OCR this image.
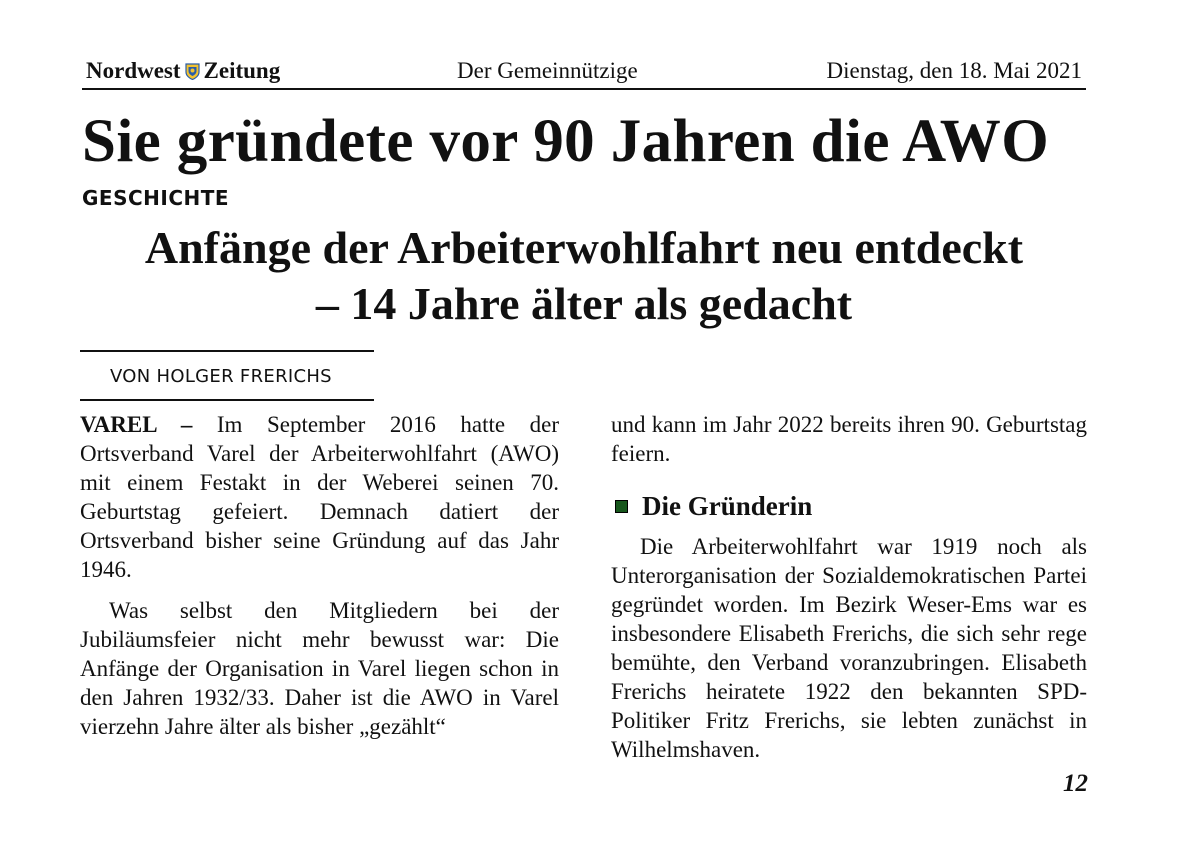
Nordwest Zeitung	Der Gemeinnützige	Dienstag, den 18. Mai 2021
Sie gründete vor 90 Jahren die AWO
GESCHICHTE
Anfänge der Arbeiterwohlfahrt neu entdeckt
– 14 Jahre älter als gedacht
VON HOLGER FRERICHS

VAREL – Im September 2016 hatte der Ortsverband Varel der Arbeiterwohlfahrt (AWO) mit einem Festakt in der Weberei seinen 70. Geburtstag gefeiert. Demnach datiert der Ortsverband bisher seine Gründung auf das Jahr 1946.

Was selbst den Mitgliedern bei der Jubiläumsfeier nicht mehr bewusst war: Die Anfänge der Organisation in Varel liegen schon in den Jahren 1932/33. Daher ist die AWO in Varel vierzehn Jahre älter als bisher „gezählt“

und kann im Jahr 2022 bereits ihren 90. Geburtstag feiern.

Die Gründerin

Die Arbeiterwohlfahrt war 1919 noch als Unterorganisation der Sozialdemokratischen Partei gegründet worden. Im Bezirk Weser-Ems war es insbesondere Elisabeth Frerichs, die sich sehr rege bemühte, den Verband voranzubringen. Elisabeth Frerichs heiratete 1922 den bekannten SPD-Politiker Fritz Frerichs, sie lebten zunächst in Wilhelmshaven.

12
